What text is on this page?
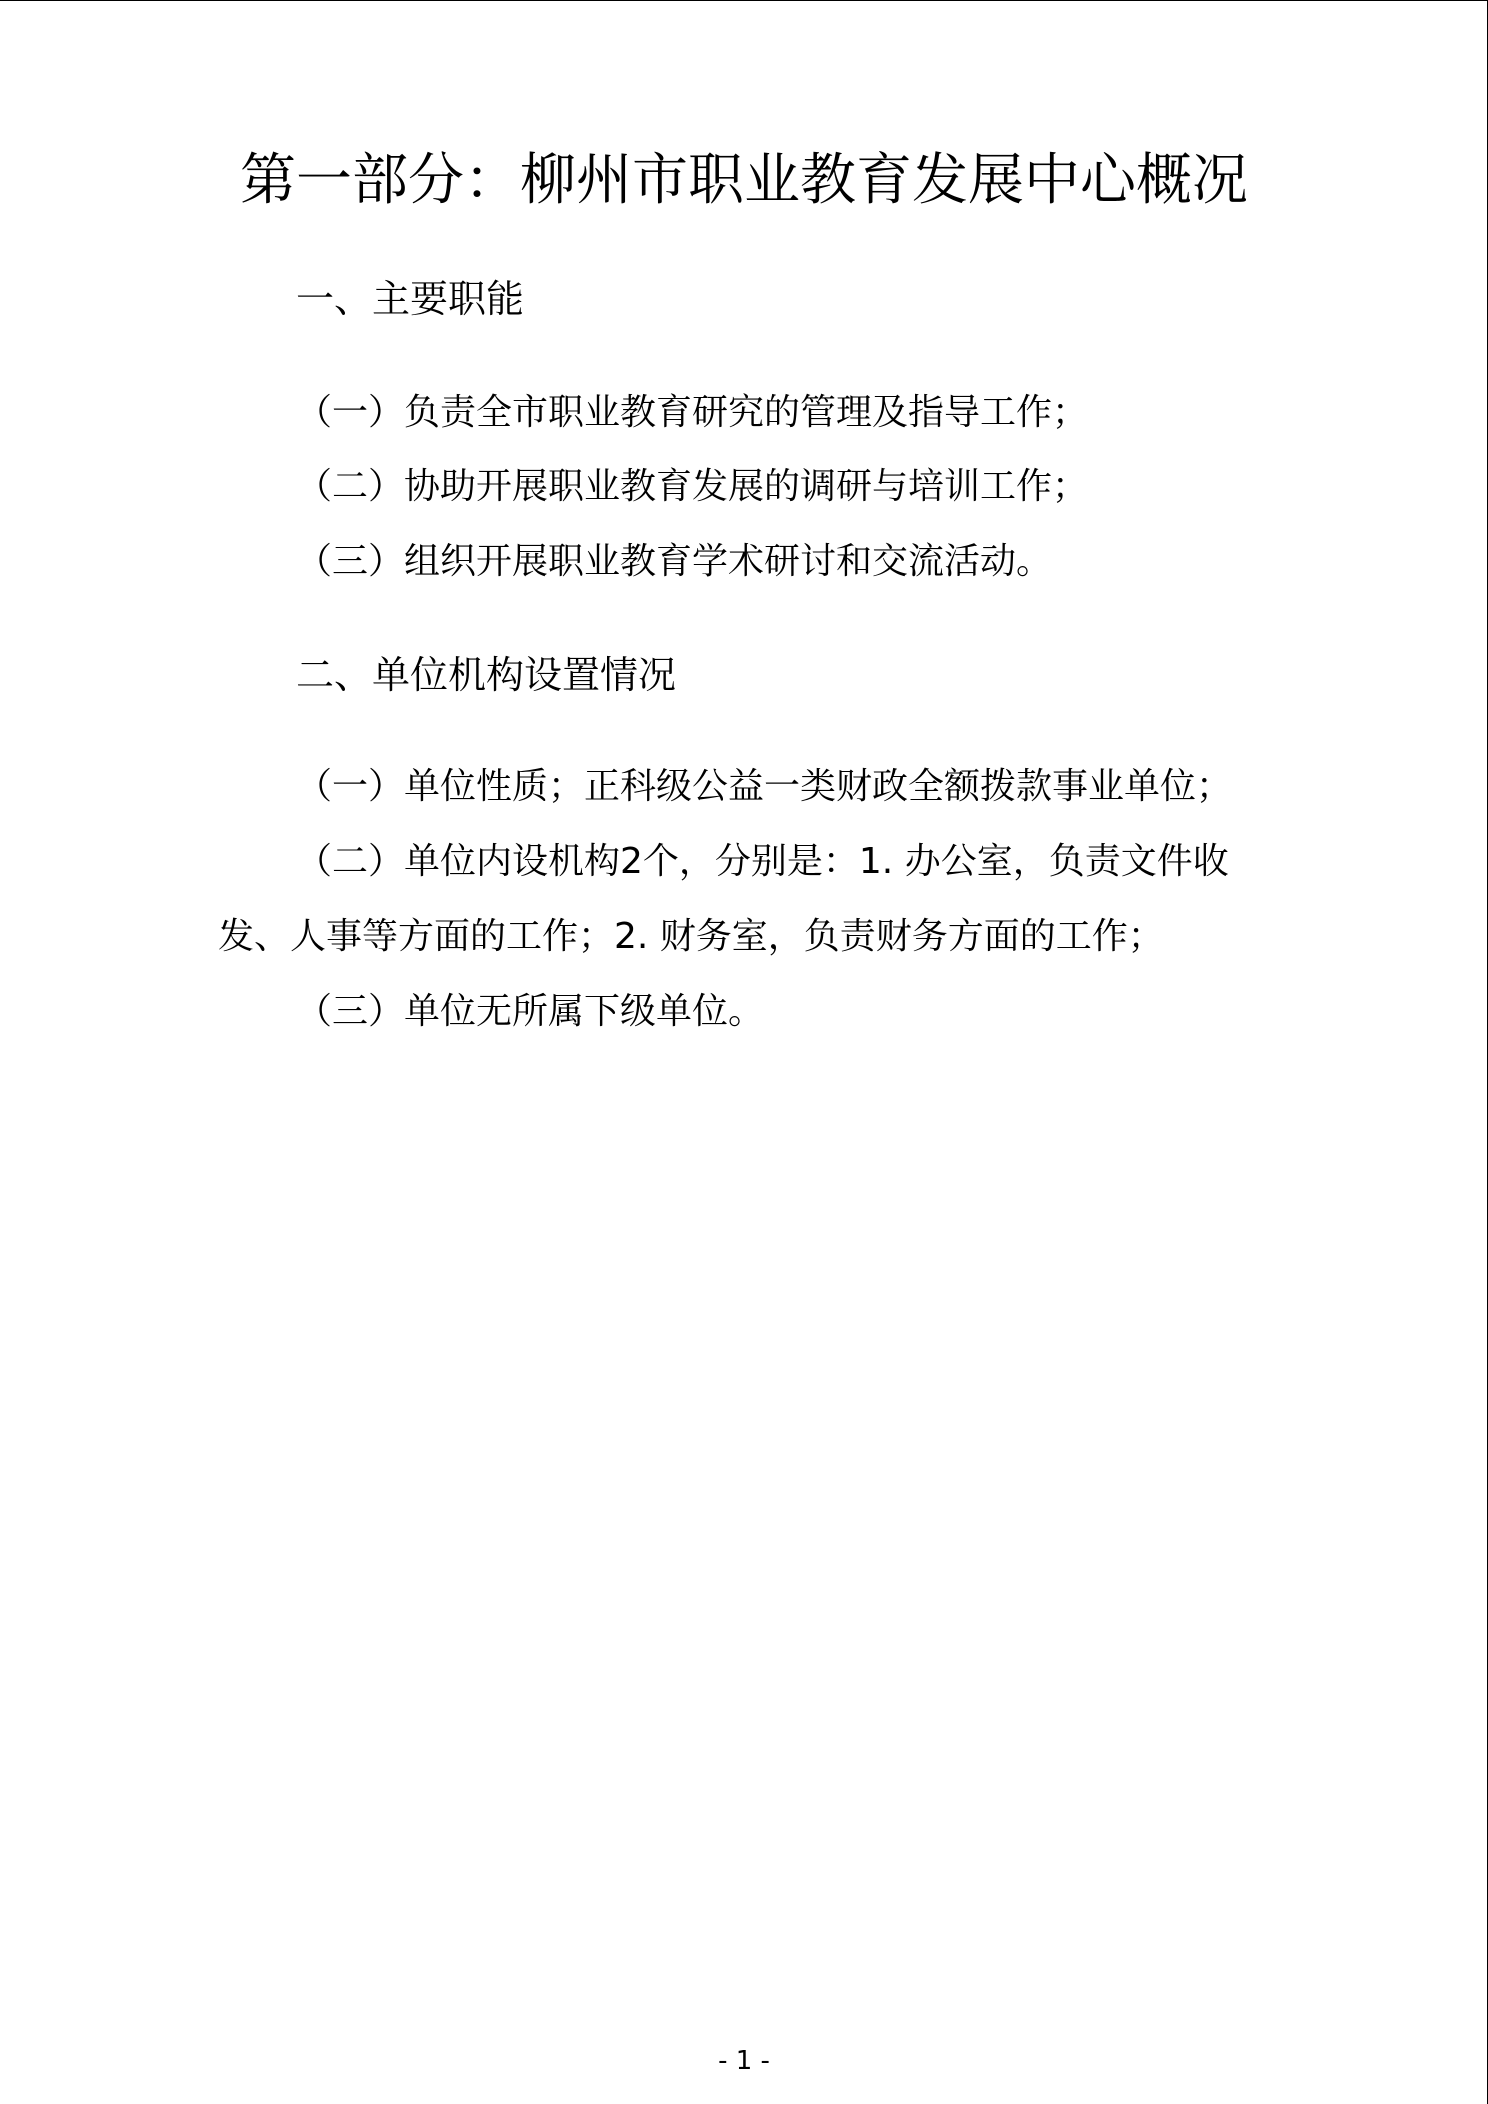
第一部分：柳州市职业教育发展中心概况
一、主要职能
（一）负责全市职业教育研究的管理及指导工作；
（二）协助开展职业教育发展的调研与培训工作；
（三）组织开展职业教育学术研讨和交流活动。
二、单位机构设置情况
（一）单位性质；正科级公益一类财政全额拨款事业单位；
（二）单位内设机构2个，分别是：1. 办公室，负责文件收
发、人事等方面的工作；2. 财务室，负责财务方面的工作；
（三）单位无所属下级单位。
- 1 -
